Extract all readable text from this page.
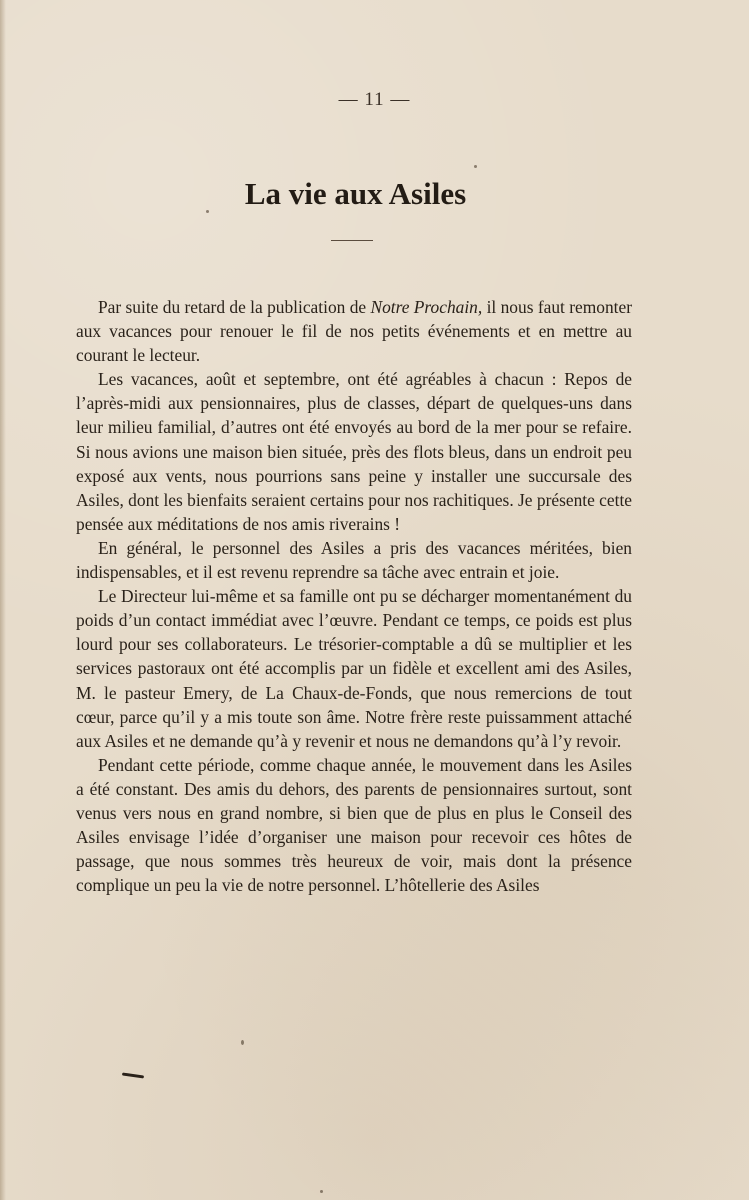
— 11 —
La vie aux Asiles

Par suite du retard de la publication de Notre Prochain, il nous faut remonter aux vacances pour renouer le fil de nos petits événements et en mettre au courant le lecteur.

Les vacances, août et septembre, ont été agréables à chacun : Repos de l’après-midi aux pensionnaires, plus de classes, départ de quelques-uns dans leur milieu familial, d’autres ont été envoyés au bord de la mer pour se refaire. Si nous avions une maison bien située, près des flots bleus, dans un endroit peu exposé aux vents, nous pourrions sans peine y installer une succursale des Asiles, dont les bienfaits seraient certains pour nos rachitiques. Je présente cette pensée aux méditations de nos amis riverains !

En général, le personnel des Asiles a pris des vacances méritées, bien indispensables, et il est revenu reprendre sa tâche avec entrain et joie.

Le Directeur lui-même et sa famille ont pu se décharger momentanément du poids d’un contact immédiat avec l’œuvre. Pendant ce temps, ce poids est plus lourd pour ses collaborateurs. Le trésorier-comptable a dû se multiplier et les services pastoraux ont été accomplis par un fidèle et excellent ami des Asiles, M. le pasteur Emery, de La Chaux-de-Fonds, que nous remercions de tout cœur, parce qu’il y a mis toute son âme. Notre frère reste puissamment attaché aux Asiles et ne demande qu’à y revenir et nous ne demandons qu’à l’y revoir.

Pendant cette période, comme chaque année, le mouvement dans les Asiles a été constant. Des amis du dehors, des parents de pensionnaires surtout, sont venus vers nous en grand nombre, si bien que de plus en plus le Conseil des Asiles envisage l’idée d’organiser une maison pour recevoir ces hôtes de passage, que nous sommes très heureux de voir, mais dont la présence complique un peu la vie de notre personnel. L’hôtellerie des Asiles
